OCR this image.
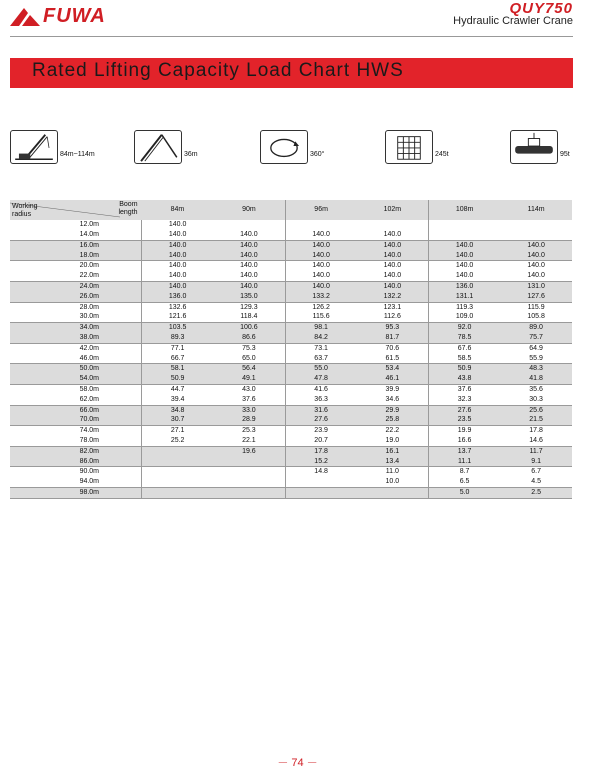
FUWA	QUY750
Hydraulic Crawler Crane
Rated Lifting Capacity Load Chart HWS
84m~114m	36m	360°	245t	95t
Boom
length
Working
radius	84m	90m	96m	102m	108m	114m
12.0m	140.0					
14.0m	140.0	140.0	140.0	140.0		
16.0m	140.0	140.0	140.0	140.0	140.0	140.0
18.0m	140.0	140.0	140.0	140.0	140.0	140.0
20.0m	140.0	140.0	140.0	140.0	140.0	140.0
22.0m	140.0	140.0	140.0	140.0	140.0	140.0
24.0m	140.0	140.0	140.0	140.0	136.0	131.0
26.0m	136.0	135.0	133.2	132.2	131.1	127.6
28.0m	132.6	129.3	126.2	123.1	119.3	115.9
30.0m	121.6	118.4	115.6	112.6	109.0	105.8
34.0m	103.5	100.6	98.1	95.3	92.0	89.0
38.0m	89.3	86.6	84.2	81.7	78.5	75.7
42.0m	77.1	75.3	73.1	70.6	67.6	64.9
46.0m	66.7	65.0	63.7	61.5	58.5	55.9
50.0m	58.1	56.4	55.0	53.4	50.9	48.3
54.0m	50.9	49.1	47.8	46.1	43.8	41.8
58.0m	44.7	43.0	41.6	39.9	37.6	35.6
62.0m	39.4	37.6	36.3	34.6	32.3	30.3
66.0m	34.8	33.0	31.6	29.9	27.6	25.6
70.0m	30.7	28.9	27.6	25.8	23.5	21.5
74.0m	27.1	25.3	23.9	22.2	19.9	17.8
78.0m	25.2	22.1	20.7	19.0	16.6	14.6
82.0m		19.6	17.8	16.1	13.7	11.7
86.0m			15.2	13.4	11.1	9.1
90.0m			14.8	11.0	8.7	6.7
94.0m				10.0	6.5	4.5
98.0m					5.0	2.5
－ 74 －
